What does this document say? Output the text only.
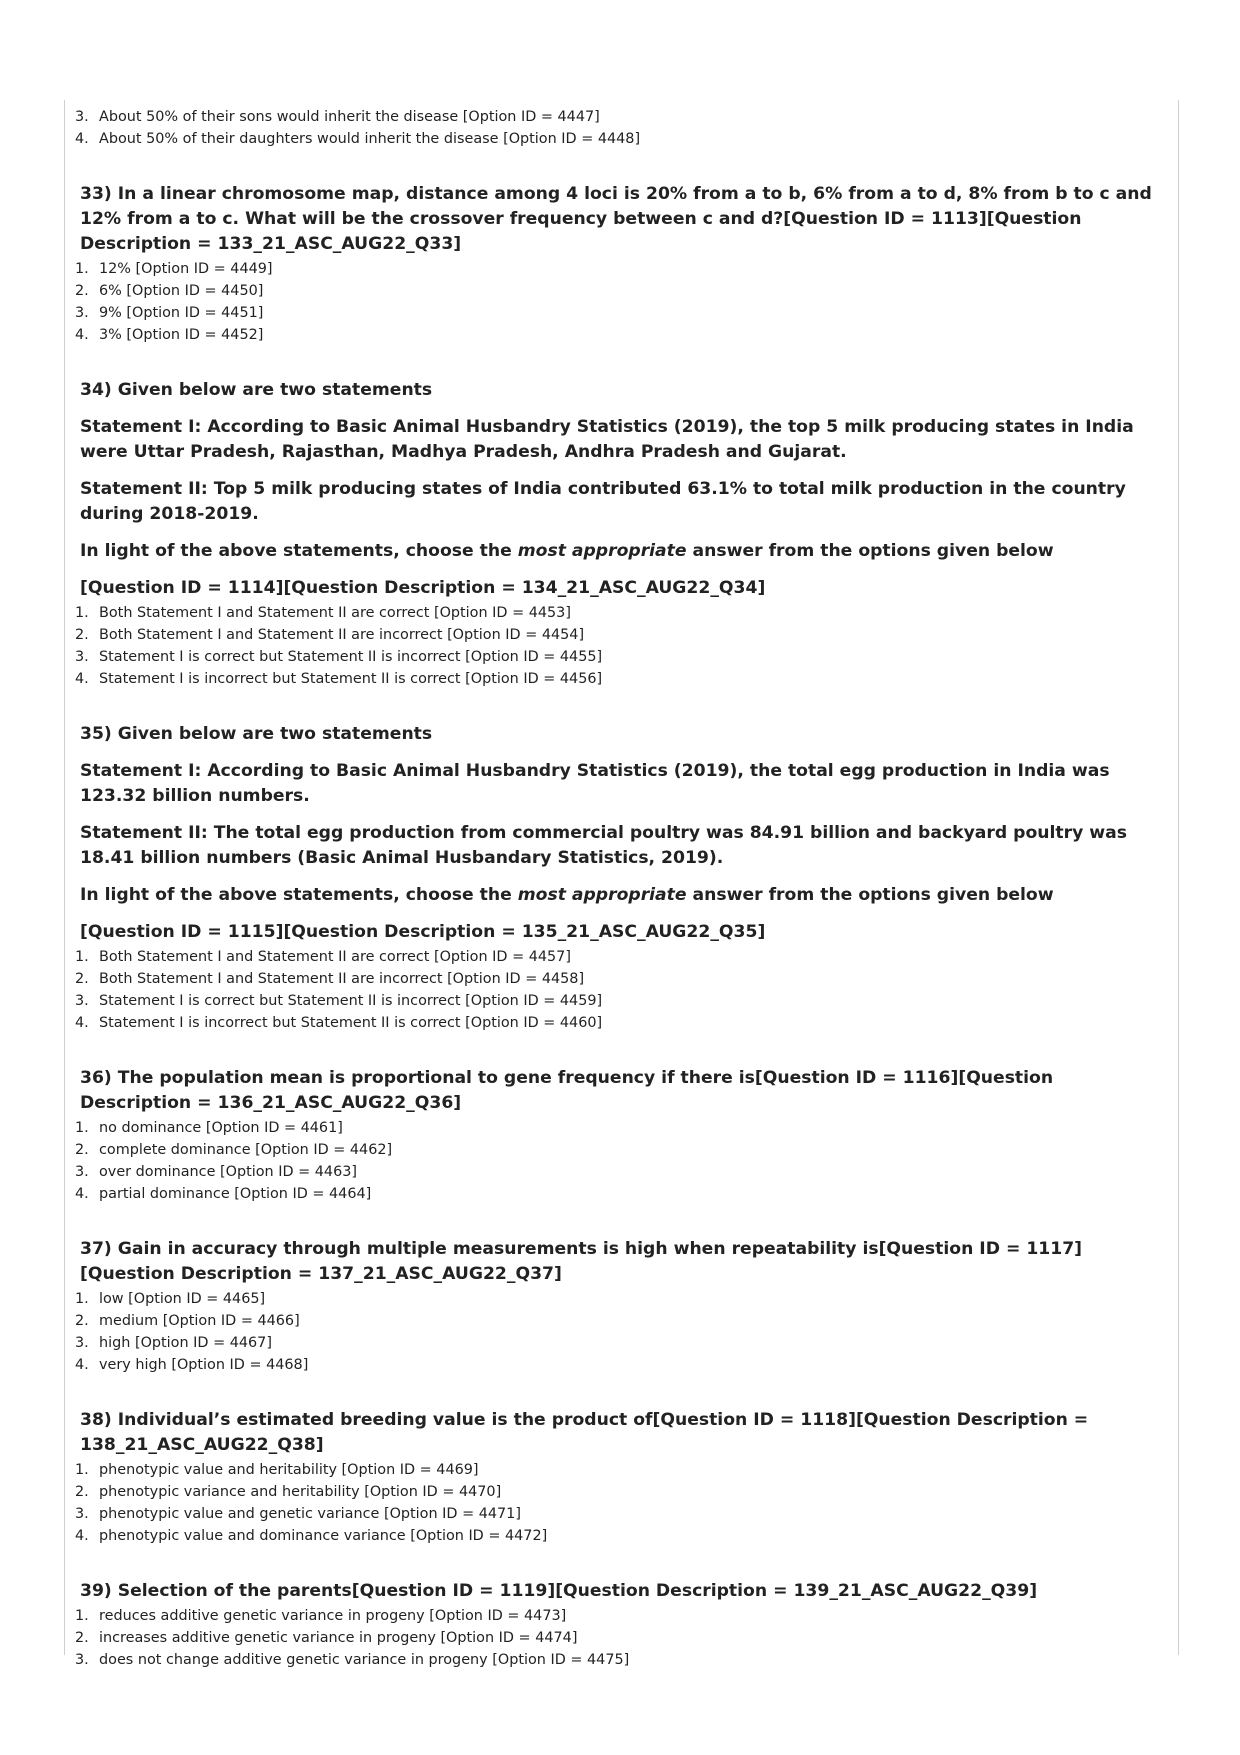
3. About 50% of their sons would inherit the disease [Option ID = 4447]
4. About 50% of their daughters would inherit the disease [Option ID = 4448]

33) In a linear chromosome map, distance among 4 loci is 20% from a to b, 6% from a to d, 8% from b to c and 12% from a to c. What will be the crossover frequency between c and d?[Question ID = 1113][Question Description = 133_21_ASC_AUG22_Q33]

1. 12% [Option ID = 4449]
2. 6% [Option ID = 4450]
3. 9% [Option ID = 4451]
4. 3% [Option ID = 4452]

34) Given below are two statements

Statement I: According to Basic Animal Husbandry Statistics (2019), the top 5 milk producing states in India were Uttar Pradesh, Rajasthan, Madhya Pradesh, Andhra Pradesh and Gujarat.

Statement II: Top 5 milk producing states of India contributed 63.1% to total milk production in the country during 2018-2019.

In light of the above statements, choose the most appropriate answer from the options given below

[Question ID = 1114][Question Description = 134_21_ASC_AUG22_Q34]

1. Both Statement I and Statement II are correct [Option ID = 4453]
2. Both Statement I and Statement II are incorrect [Option ID = 4454]
3. Statement I is correct but Statement II is incorrect [Option ID = 4455]
4. Statement I is incorrect but Statement II is correct [Option ID = 4456]

35) Given below are two statements

Statement I: According to Basic Animal Husbandry Statistics (2019), the total egg production in India was 123.32 billion numbers.

Statement II: The total egg production from commercial poultry was 84.91 billion and backyard poultry was 18.41 billion numbers (Basic Animal Husbandary Statistics, 2019).

In light of the above statements, choose the most appropriate answer from the options given below

[Question ID = 1115][Question Description = 135_21_ASC_AUG22_Q35]

1. Both Statement I and Statement II are correct [Option ID = 4457]
2. Both Statement I and Statement II are incorrect [Option ID = 4458]
3. Statement I is correct but Statement II is incorrect [Option ID = 4459]
4. Statement I is incorrect but Statement II is correct [Option ID = 4460]

36) The population mean is proportional to gene frequency if there is[Question ID = 1116][Question Description = 136_21_ASC_AUG22_Q36]

1. no dominance [Option ID = 4461]
2. complete dominance [Option ID = 4462]
3. over dominance [Option ID = 4463]
4. partial dominance [Option ID = 4464]

37) Gain in accuracy through multiple measurements is high when repeatability is[Question ID = 1117][Question Description = 137_21_ASC_AUG22_Q37]

1. low [Option ID = 4465]
2. medium [Option ID = 4466]
3. high [Option ID = 4467]
4. very high [Option ID = 4468]

38) Individual’s estimated breeding value is the product of[Question ID = 1118][Question Description = 138_21_ASC_AUG22_Q38]

1. phenotypic value and heritability [Option ID = 4469]
2. phenotypic variance and heritability [Option ID = 4470]
3. phenotypic value and genetic variance [Option ID = 4471]
4. phenotypic value and dominance variance [Option ID = 4472]

39) Selection of the parents[Question ID = 1119][Question Description = 139_21_ASC_AUG22_Q39]

1. reduces additive genetic variance in progeny [Option ID = 4473]
2. increases additive genetic variance in progeny [Option ID = 4474]
3. does not change additive genetic variance in progeny [Option ID = 4475]
